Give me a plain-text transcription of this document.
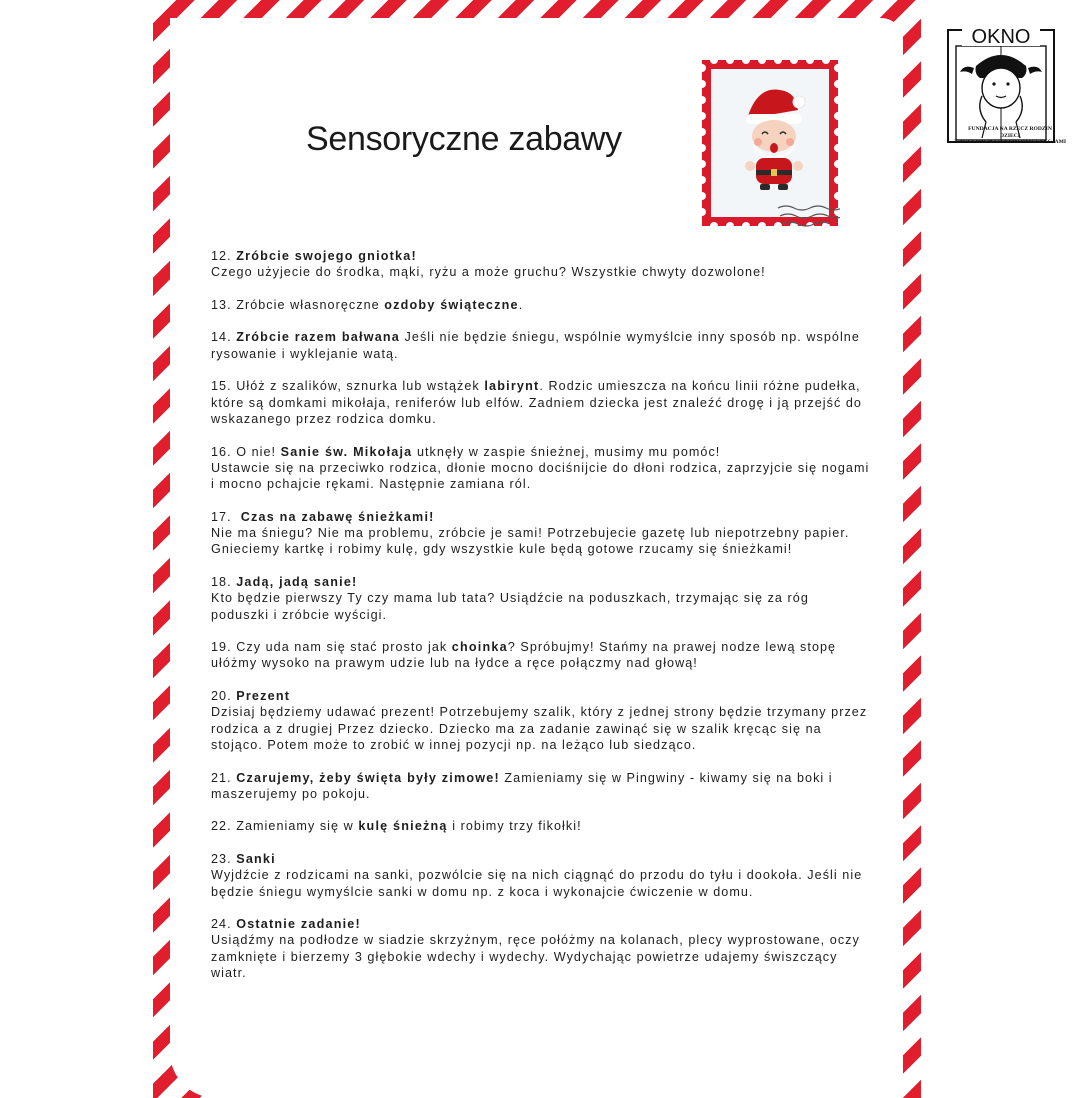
Sensoryczne zabawy
OKNO
FUNDACJA NA RZECZ RODZIN
DZIECI
Z AUTYZMEM I INNYMI DYSFUNKCJAMI

12. Zróbcie swojego gniotka!

Czego użyjecie do środka, mąki, ryżu a może gruchu? Wszystkie chwyty dozwolone!

13. Zróbcie własnoręczne ozdoby świąteczne.

14. Zróbcie razem bałwana Jeśli nie będzie śniegu, wspólnie wymyślcie inny sposób np. wspólne rysowanie i wyklejanie watą.

15. Ułóż z szalików, sznurka lub wstążek labirynt. Rodzic umieszcza na końcu linii różne pudełka, które są domkami mikołaja, reniferów lub elfów. Zadniem dziecka jest znaleźć drogę i ją przejść do wskazanego przez rodzica domku.

16. O nie! Sanie św. Mikołaja utknęły w zaspie śnieżnej, musimy mu pomóc!

Ustawcie się na przeciwko rodzica, dłonie mocno dociśnijcie do dłoni rodzica, zaprzyjcie się nogami i mocno pchajcie rękami. Następnie zamiana ról.

17.  Czas na zabawę śnieżkami!

Nie ma śniegu? Nie ma problemu, zróbcie je sami! Potrzebujecie gazetę lub niepotrzebny papier. Gnieciemy kartkę i robimy kulę, gdy wszystkie kule będą gotowe rzucamy się śnieżkami!

18. Jadą, jadą sanie!

Kto będzie pierwszy Ty czy mama lub tata? Usiądźcie na poduszkach, trzymając się za róg poduszki i zróbcie wyścigi.

19. Czy uda nam się stać prosto jak choinka? Spróbujmy! Stańmy na prawej nodze lewą stopę ułóżmy wysoko na prawym udzie lub na łydce a ręce połączmy nad głową!

20. Prezent

Dzisiaj będziemy udawać prezent! Potrzebujemy szalik, który z jednej strony będzie trzymany przez rodzica a z drugiej Przez dziecko. Dziecko ma za zadanie zawinąć się w szalik kręcąc się na stojąco. Potem może to zrobić w innej pozycji np. na leżąco lub siedząco.

21. Czarujemy, żeby święta były zimowe! Zamieniamy się w Pingwiny - kiwamy się na boki i maszerujemy po pokoju.

22. Zamieniamy się w kulę śnieżną i robimy trzy fikołki!

23. Sanki

Wyjdźcie z rodzicami na sanki, pozwólcie się na nich ciągnąć do przodu do tyłu i dookoła. Jeśli nie będzie śniegu wymyślcie sanki w domu np. z koca i wykonajcie ćwiczenie w domu.

24. Ostatnie zadanie!

Usiądźmy na podłodze w siadzie skrzyżnym, ręce połóżmy na kolanach, plecy wyprostowane, oczy zamknięte i bierzemy 3 głębokie wdechy i wydechy. Wydychając powietrze udajemy świszczący wiatr.
